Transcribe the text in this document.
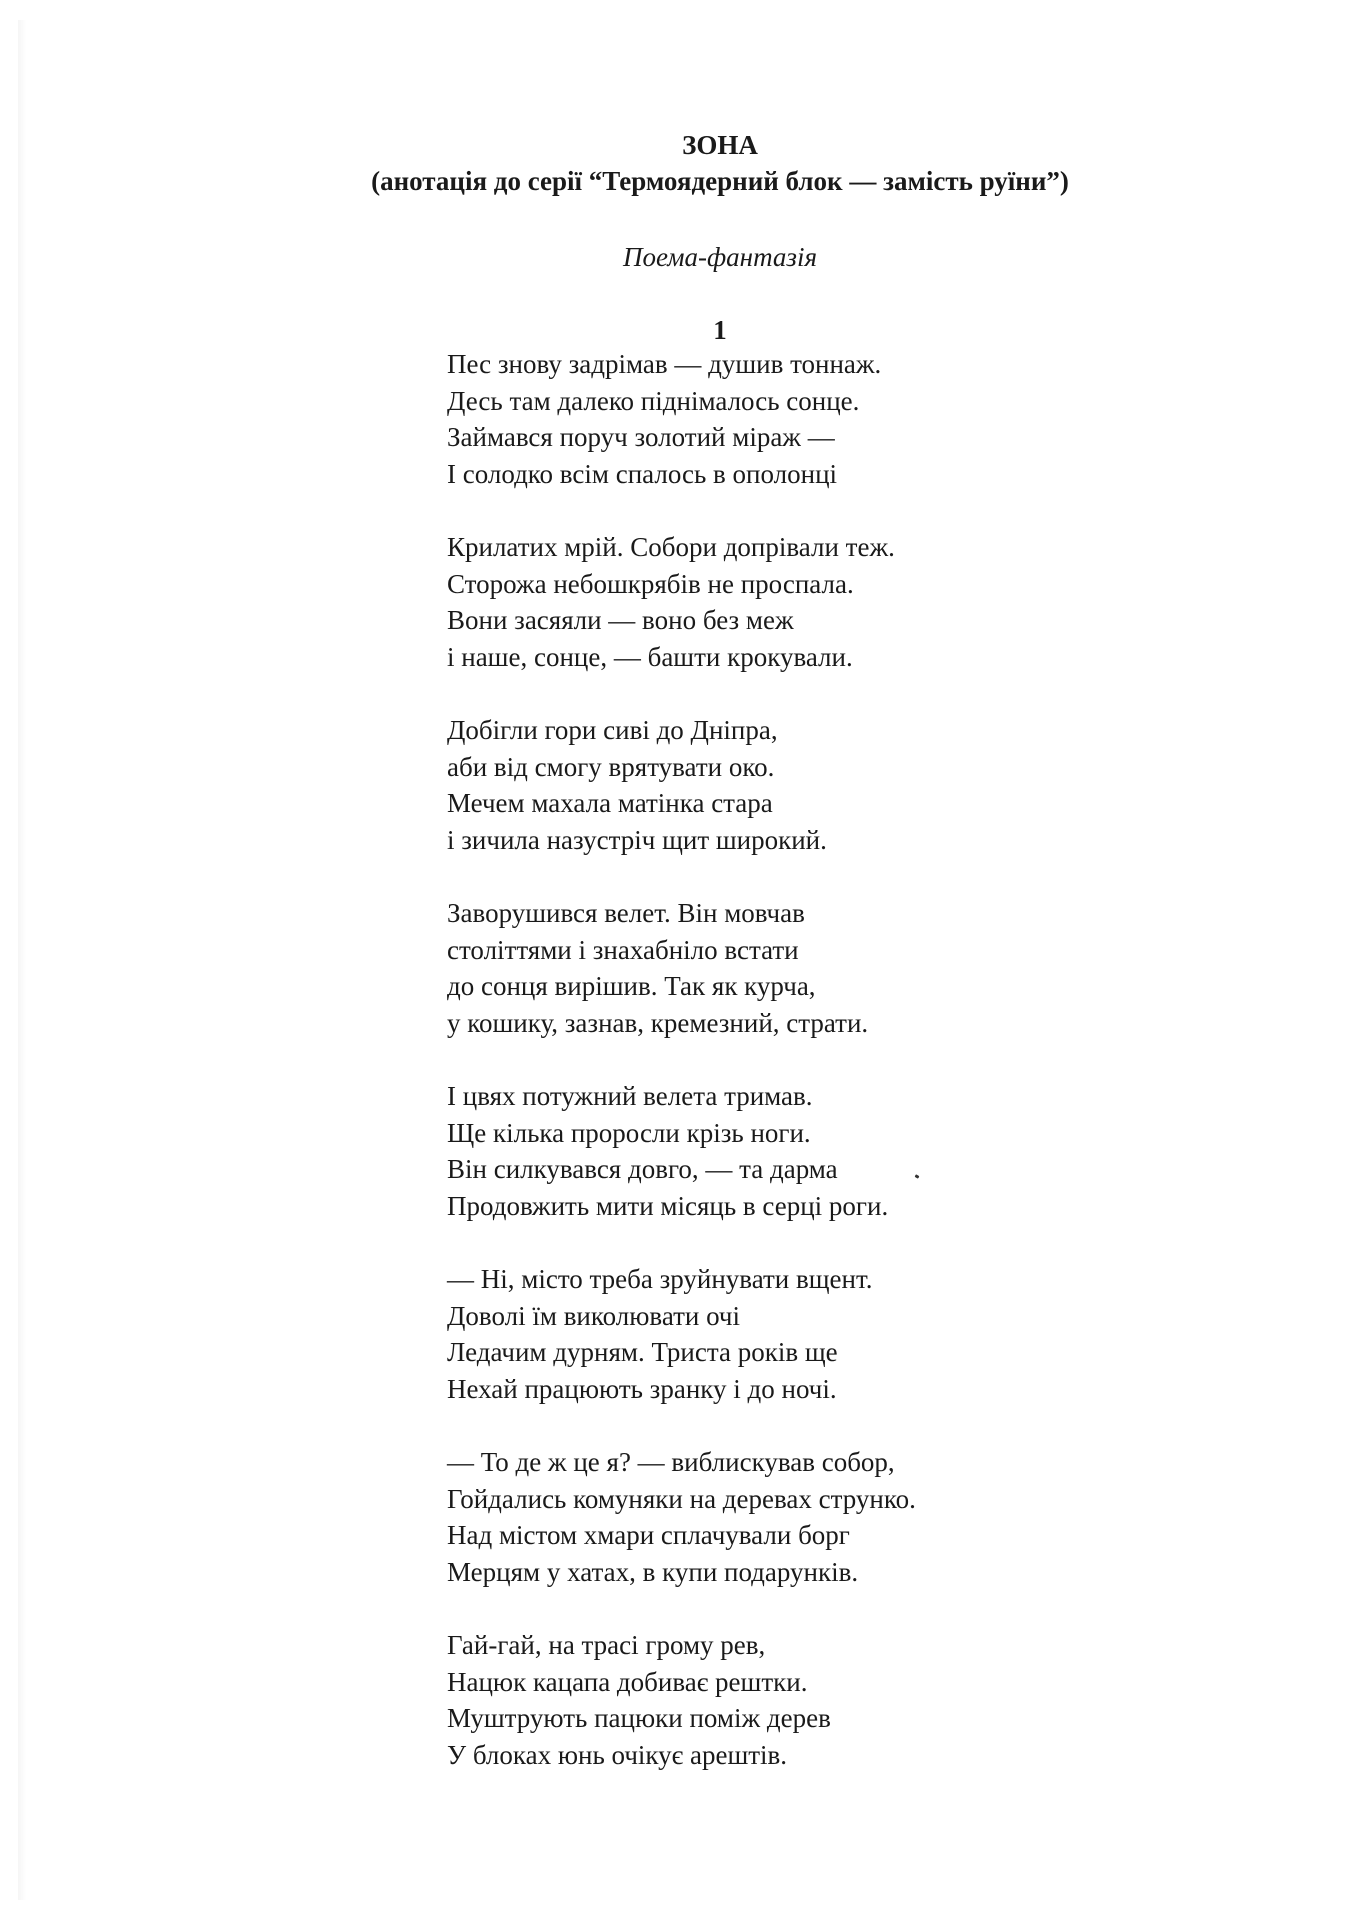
ЗОНА
(анотація до серії “Термоядерний блок — замість руїни”)
Поема-фантазія
1
Пес знову задрімав — душив тоннаж.
Десь там далеко піднімалось сонце.
Займався поруч золотий міраж —
І солодко всім спалось в ополонці
Крилатих мрій. Собори допрівали теж.
Сторожа небошкрябів не проспала.
Вони засяяли — воно без меж
і наше, сонце, — башти крокували.
Добігли гори сиві до Дніпра,
аби від смогу врятувати око.
Мечем махала матінка стара
і зичила назустріч щит широкий.
Заворушився велет. Він мовчав
століттями і знахабніло встати
до сонця вирішив. Так як курча,
у кошику, зазнав, кремезний, страти.
І цвях потужний велета тримав.
Ще кілька проросли крізь ноги.
Він силкувався довго, — та дарма
Продовжить мити місяць в серці роги.
— Ні, місто треба зруйнувати вщент.
Доволі їм виколювати очі
Ледачим дурням. Триста років ще
Нехай працюють зранку і до ночі.
— То де ж це я? — виблискував собор,
Гойдались комуняки на деревах струнко.
Над містом хмари сплачували борг
Мерцям у хатах, в купи подарунків.
Гай-гай, на трасі грому рев,
Нацюк кацапа добиває рештки.
Муштрують пацюки поміж дерев
У блоках юнь очікує арештів.
